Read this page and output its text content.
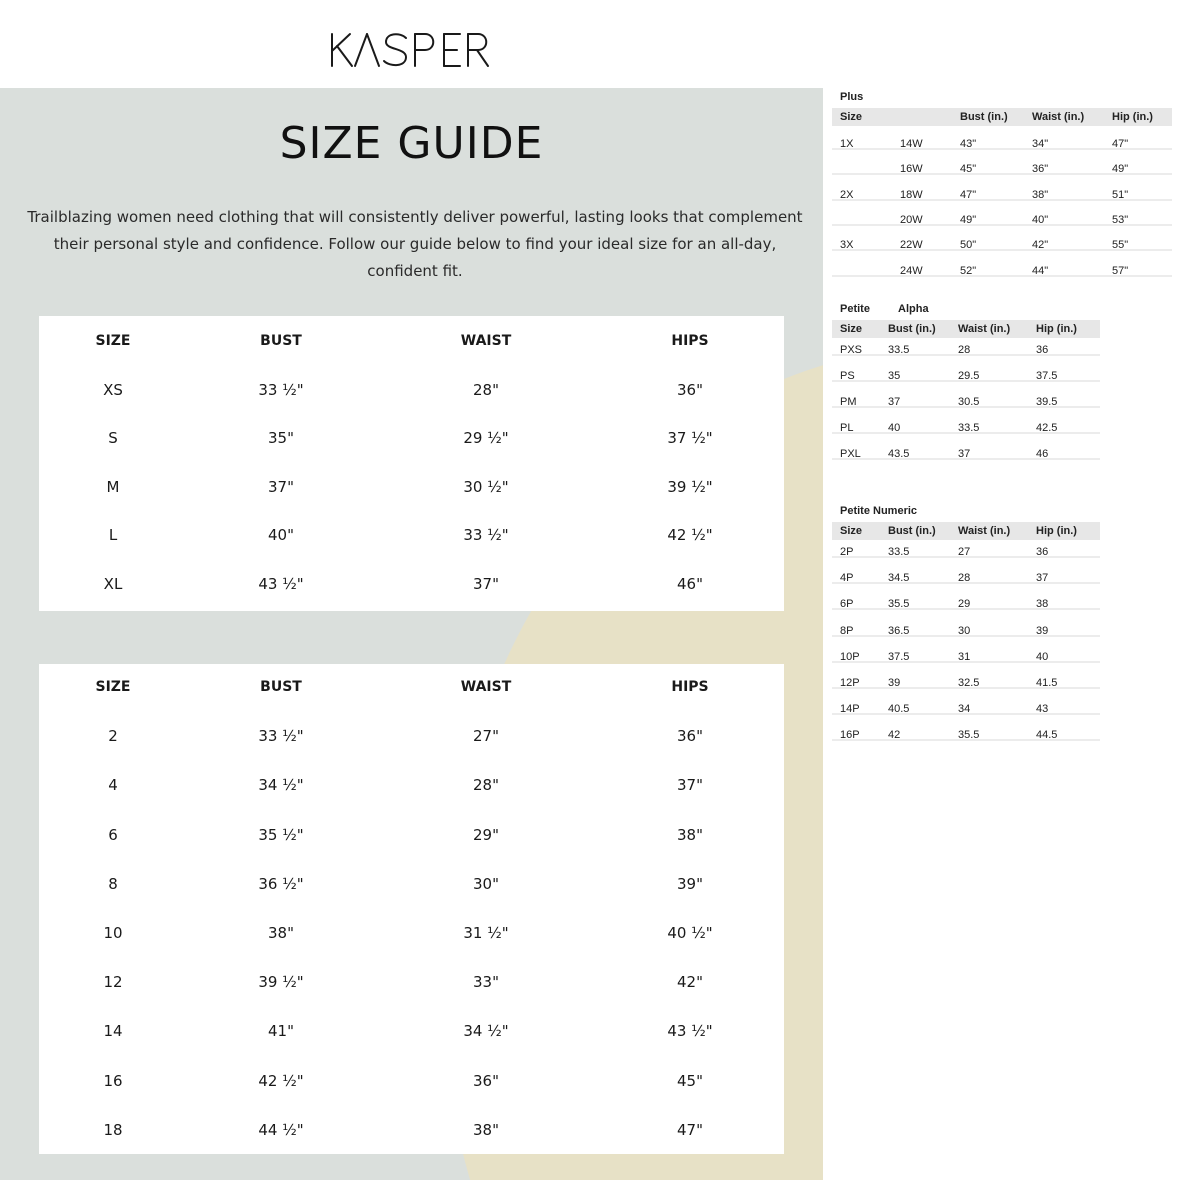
KASPER
SIZE GUIDE
Trailblazing women need clothing that will consistently deliver powerful, lasting looks that complement their personal style and confidence. Follow our guide below to find your ideal size for an all-day, confident fit.
SIZE	BUST	WAIST	HIPS
XS	33 ½"	28"	36"
S	35"	29 ½"	37 ½"
M	37"	30 ½"	39 ½"
L	40"	33 ½"	42 ½"
XL	43 ½"	37"	46"
SIZE	BUST	WAIST	HIPS
2	33 ½"	27"	36"
4	34 ½"	28"	37"
6	35 ½"	29"	38"
8	36 ½"	30"	39"
10	38"	31 ½"	40 ½"
12	39 ½"	33"	42"
14	41"	34 ½"	43 ½"
16	42 ½"	36"	45"
18	44 ½"	38"	47"
Plus
Size	Bust (in.) Waist (in.)	Hip (in.)
1X	14W	43"	34"	47"
16W	45"	36"	49"
2X	18W	47"	38"	51"
20W	49"	40"	53"
3X	22W	50"	42"	55"
24W	52"	44"	57"
Petite	Alpha
Size Bust (in.) Waist (in.) Hip (in.)
PXS 33.5	28	36
PS	35	29.5	37.5
PM	37	30.5	39.5
PL	40	33.5	42.5
PXL 43.5	37	46
Petite Numeric
Size Bust (in.) Waist (in.) Hip (in.)
2P	33.5	27	36
4P	34.5	28	37
6P	35.5	29	38
8P	36.5	30	39
10P	37.5	31	40
12P	39	32.5	41.5
14P	40.5	34	43
16P	42	35.5	44.5
